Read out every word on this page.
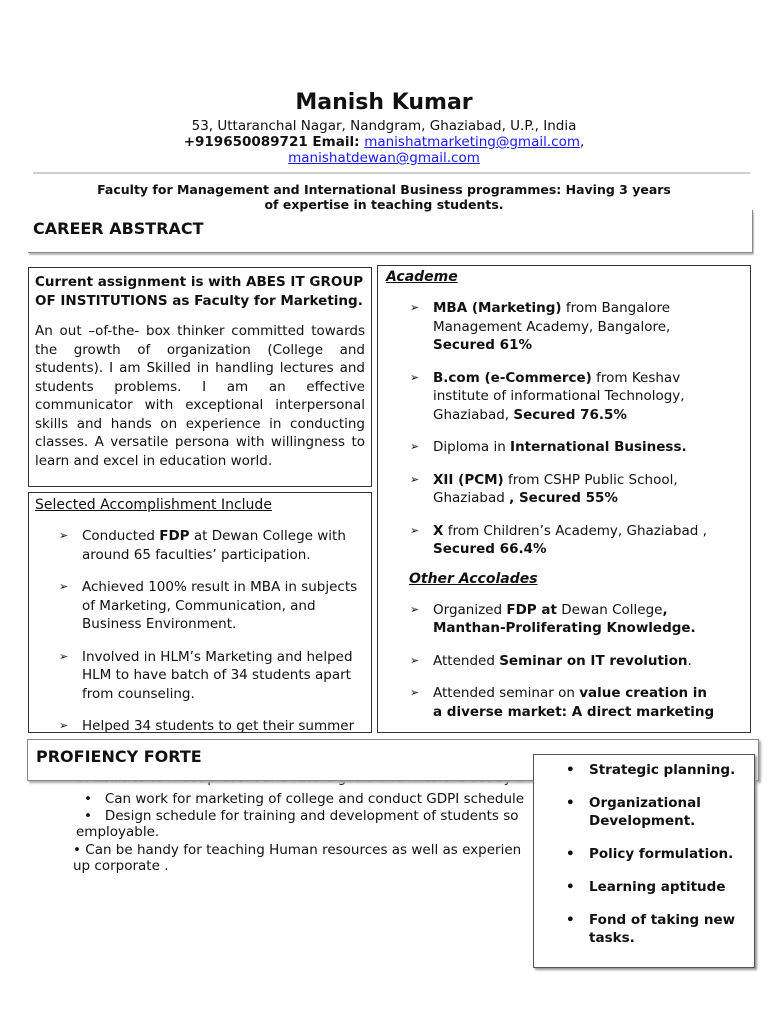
Manish Kumar
53, Uttaranchal Nagar, Nandgram, Ghaziabad, U.P., India
+919650089721 Email: manishatmarketing@gmail.com,
manishatdewan@gmail.com
Faculty for Management and International Business programmes: Having 3 years
of expertise in teaching students.
CAREER ABSTRACT
Current assignment is with ABES IT GROUP OF INSTITUTIONS as Faculty for Marketing.
An out –of-the- box thinker committed towards the growth of organization (College and students). I am Skilled in handling lectures and students problems. I am an effective communicator with exceptional interpersonal skills and hands on experience in conducting classes. A versatile persona with willingness to learn and excel in education world.
Selected Accomplishment Include
➢ Conducted FDP at Dewan College with around 65 faculties’ participation.
➢ Achieved 100% result in MBA in subjects of Marketing, Communication, and Business Environment.
➢ Involved in HLM’s Marketing and helped HLM to have batch of 34 students apart from counseling.
➢ Helped 34 students to get their summer
Academe
➢ MBA (Marketing) from Bangalore Management Academy, Bangalore, Secured 61%
➢ B.com (e-Commerce) from Keshav institute of informational Technology, Ghaziabad, Secured 76.5%
➢ Diploma in International Business.
➢ XII (PCM) from CSHP Public School, Ghaziabad , Secured 55%
➢ X from Children’s Academy, Ghaziabad , Secured 66.4%
Other Accolades
➢ Organized FDP at Dewan College, Manthan-Proliferating Knowledge.
➢ Attended Seminar on IT revolution.
➢ Attended seminar on value creation in a diverse market: A direct marketing
•   Can work for marketing of college and conduct GDPI schedule
•   Design schedule for training and development of students so
employable.
• Can be handy for teaching Human resources as well as experien
up corporate .
PROFIENCY FORTE
• Strategic planning.
• Organizational Development.
• Policy formulation.
• Learning aptitude
• Fond of taking new tasks.
